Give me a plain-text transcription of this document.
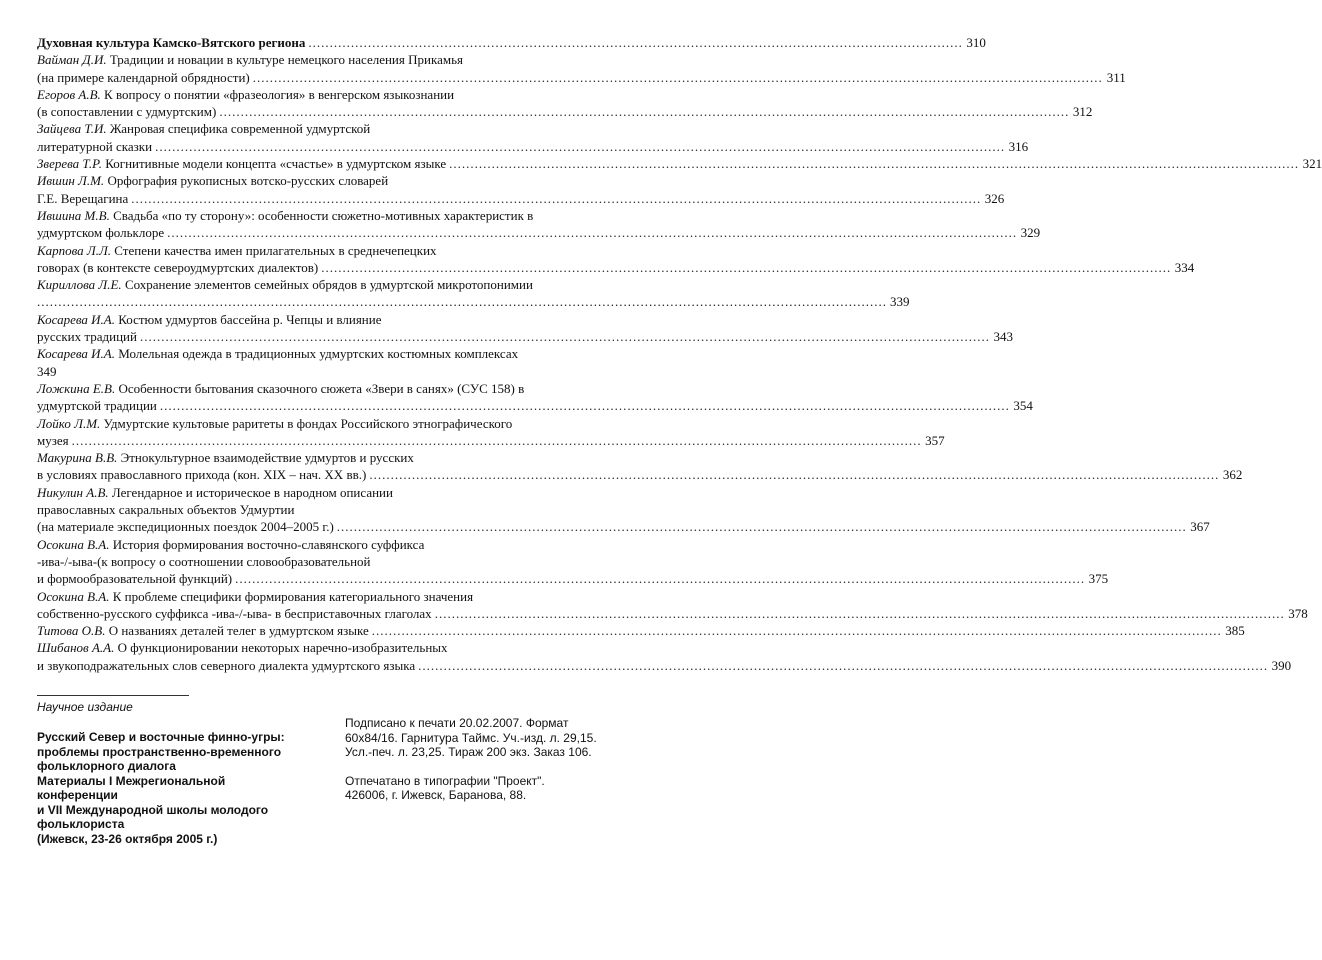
Духовная культура Камско-Вятского региона .......................................................................................................................................................... 310
Вайман Д.И. Традиции и новации в культуре немецкого населения Прикамья
(на примере календарной обрядности) ........................................................................................................................................................................................................ 311
Егоров А.В. К вопросу о понятии «фразеология» в венгерском языкознании
(в сопоставлении с удмуртским) ........................................................................................................................................................................................................ 312
Зайцева Т.И. Жанровая специфика современной удмуртской
литературной сказки ........................................................................................................................................................................................................ 316
Зверева Т.Р. Когнитивные модели концепта «счастье» в удмуртском языке ........................................................................................................................................................................................................ 321
Ившин Л.М. Орфография рукописных вотско-русских словарей
Г.Е. Верещагина ........................................................................................................................................................................................................ 326
Ившина М.В. Свадьба «по ту сторону»: особенности сюжетно-мотивных характеристик в
удмуртском фольклоре ........................................................................................................................................................................................................ 329
Карпова Л.Л. Степени качества имен прилагательных в среднечепецких
говорах (в контексте североудмуртских диалектов) ........................................................................................................................................................................................................ 334
Кириллова Л.Е. Сохранение элементов семейных обрядов в удмуртской микротопонимии
........................................................................................................................................................................................................ 339
Косарева И.А. Костюм удмуртов бассейна р. Чепцы и влияние
русских традиций ........................................................................................................................................................................................................ 343
Косарева И.А. Молельная одежда в традиционных удмуртских костюмных комплексах
349
Ложкина Е.В. Особенности бытования сказочного сюжета «Звери в санях» (СУС 158) в
удмуртской традиции ........................................................................................................................................................................................................ 354
Лойко Л.М. Удмуртские культовые раритеты в фондах Российского этнографического
музея ........................................................................................................................................................................................................ 357
Макурина В.В. Этнокультурное взаимодействие удмуртов и русских
в условиях православного прихода (кон. XIX – нач. XX вв.) ........................................................................................................................................................................................................ 362
Никулин А.В. Легендарное и историческое в народном описании
православных сакральных объектов Удмуртии
(на материале экспедиционных поездок 2004–2005 г.) ........................................................................................................................................................................................................ 367
Осокина В.А. История формирования восточно-славянского суффикса
-ива-/-ыва-(к вопросу о соотношении словообразовательной
и формообразовательной функций) ........................................................................................................................................................................................................ 375
Осокина В.А. К проблеме специфики формирования категориального значения
собственно-русского суффикса -ива-/-ыва- в бесприставочных глаголах ........................................................................................................................................................................................................ 378
Титова О.В. О названиях деталей телег в удмуртском языке ........................................................................................................................................................................................................ 385
Шибанов А.А. О функционировании некоторых наречно-изобразительных
и звукоподражательных слов северного диалекта удмуртского языка ........................................................................................................................................................................................................ 390
Научное издание
Русский Север и восточные финно-угры:
проблемы пространственно-временного
фольклорного диалога
Материалы I Межрегиональной
конференции
и VII Международной школы молодого
фольклориста
(Ижевск, 23-26 октября 2005 г.)
Подписано к печати 20.02.2007. Формат
60х84/16. Гарнитура Таймс. Уч.-изд. л. 29,15.
Усл.-печ. л. 23,25. Тираж 200 экз. Заказ 106.
Отпечатано в типографии "Проект".
426006, г. Ижевск, Баранова, 88.
